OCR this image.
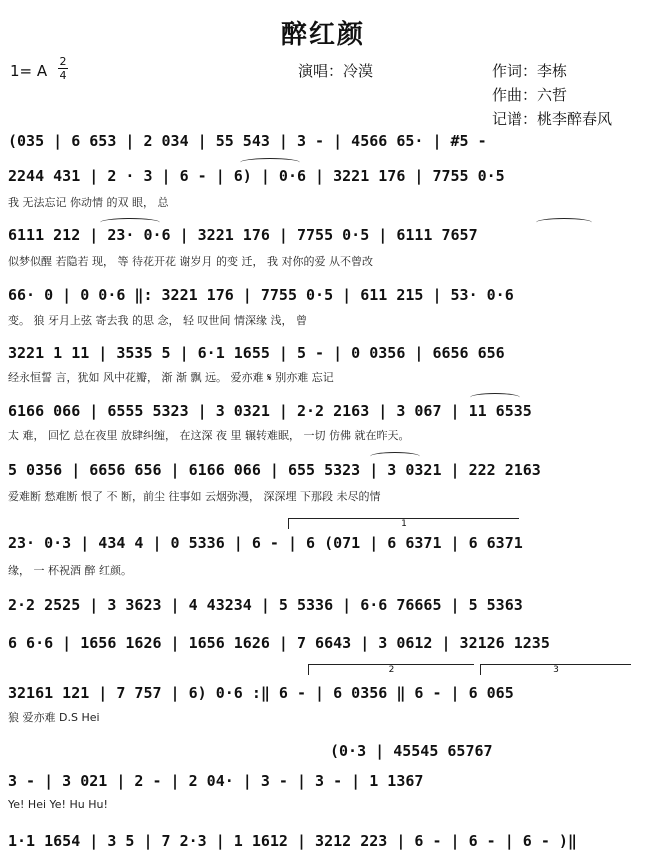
醉红颜
1= A
2
4	演唱：冷漠	作词：李栋
作曲：六哲
记谱：桃李醉春风
(035 | 6 653 | 2 034 | 55 543 | 3 - | 4566 65· | #5 -
2244 431 | 2 · 3 | 6 - | 6) | 0·6 | 3221 176 | 7755 0·5
我 无法忘记 你动情 的双 眼， 总
6111 212 | 23· 0·6 | 3221 176 | 7755 0·5 | 6111 7657
似梦似醒 若隐若 现， 等 待花开花 谢岁月 的变 迁， 我 对你的爱 从不曾改
66· 0 | 0 0·6 ‖: 3221 176 | 7755 0·5 | 611 215 | 53· 0·6
变。 狼 牙月上弦 寄去我 的思 念， 轻 叹世间 情深缘 浅， 曾
3221 1 11 | 3535 5 | 6·1 1655 | 5 - | 0 0356 | 6656 656
经永恒誓 言，犹如 风中花瓣， 渐 渐 飘 远。 爱亦难 𝄋 别亦难 忘记
6166 066 | 6555 5323 | 3 0321 | 2·2 2163 | 3 067 | 11 6535
太 难， 回忆 总在夜里 放肆纠缠， 在这深 夜 里 辗转难眠， 一切 仿佛 就在昨天。
5 0356 | 6656 656 | 6166 066 | 655 5323 | 3 0321 | 222 2163
爱难断 愁难断 恨了 不 断，前尘 往事如 云烟弥漫， 深深埋 下那段 未尽的情
23· 0·3 | 434 4 | 0 5336 | 6 - | 6 (071 | 6 6371 | 6 6371
缘， 一 杯祝酒 醉 红颜。
2·2 2525 | 3 3623 | 4 43234 | 5 5336 | 6·6 76665 | 5 5363
6 6·6 | 1656 1626 | 1656 1626 | 7 6643 | 3 0612 | 32126 1235
32161 121 | 7 757 | 6) 0·6 :‖ 6 - | 6 0356 ‖ 6 - | 6 065
狼 爱亦难 D.S Hei
(0·3 | 45545 65767
3 - | 3 021 | 2 - | 2 04· | 3 - | 3 - | 1 1367
Ye! Hei Ye! Hu Hu!
1·1 1654 | 3 5 | 7 2·3 | 1 1612 | 3212 223 | 6 - | 6 - | 6 - )‖
1
2	3
